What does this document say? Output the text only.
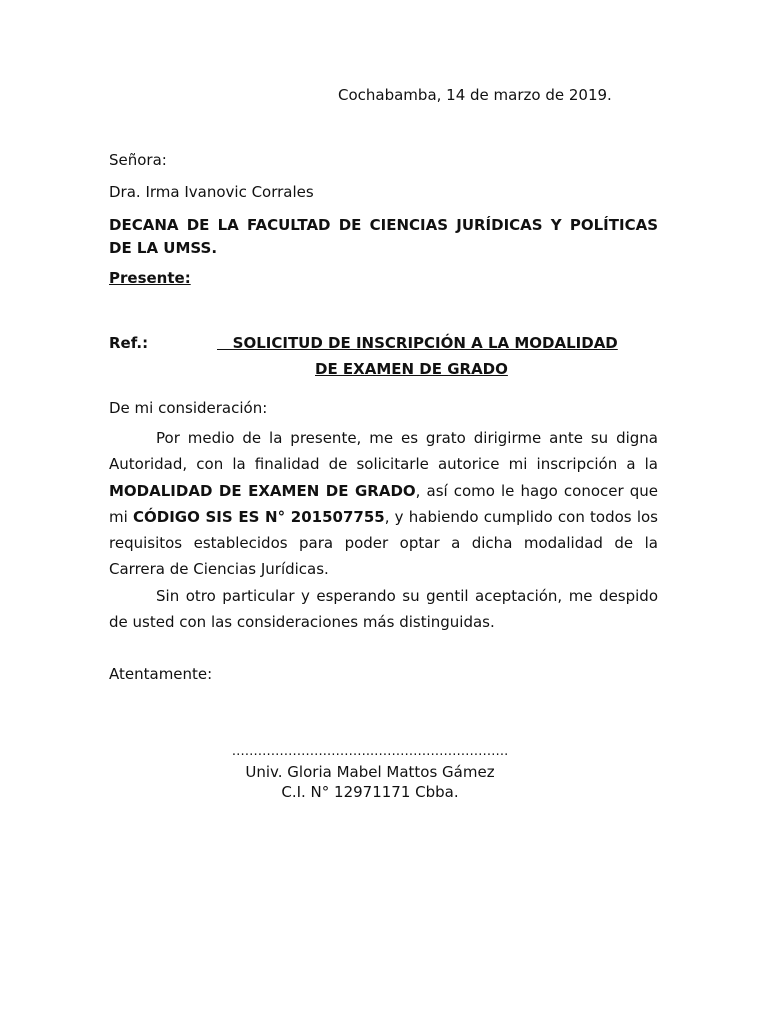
Cochabamba, 14 de marzo de 2019.
Señora:
Dra. Irma Ivanovic Corrales
DECANA DE LA FACULTAD DE CIENCIAS JURÍDICAS Y POLÍTICAS DE LA UMSS.
Presente:
Ref.:	SOLICITUD DE INSCRIPCIÓN A LA MODALIDAD
DE EXAMEN DE GRADO
De mi consideración:

Por medio de la presente, me es grato dirigirme ante su digna Autoridad, con la finalidad de solicitarle autorice mi inscripción a la MODALIDAD DE EXAMEN DE GRADO, así como le hago conocer que mi CÓDIGO SIS ES N° 201507755, y habiendo cumplido con todos los requisitos establecidos para poder optar a dicha modalidad de la Carrera de Ciencias Jurídicas.

Sin otro particular y esperando su gentil aceptación, me despido de usted con las consideraciones más distinguidas.

Atentamente:
………………….………..………………………….
Univ. Gloria Mabel Mattos Gámez
C.I. N° 12971171 Cbba.
